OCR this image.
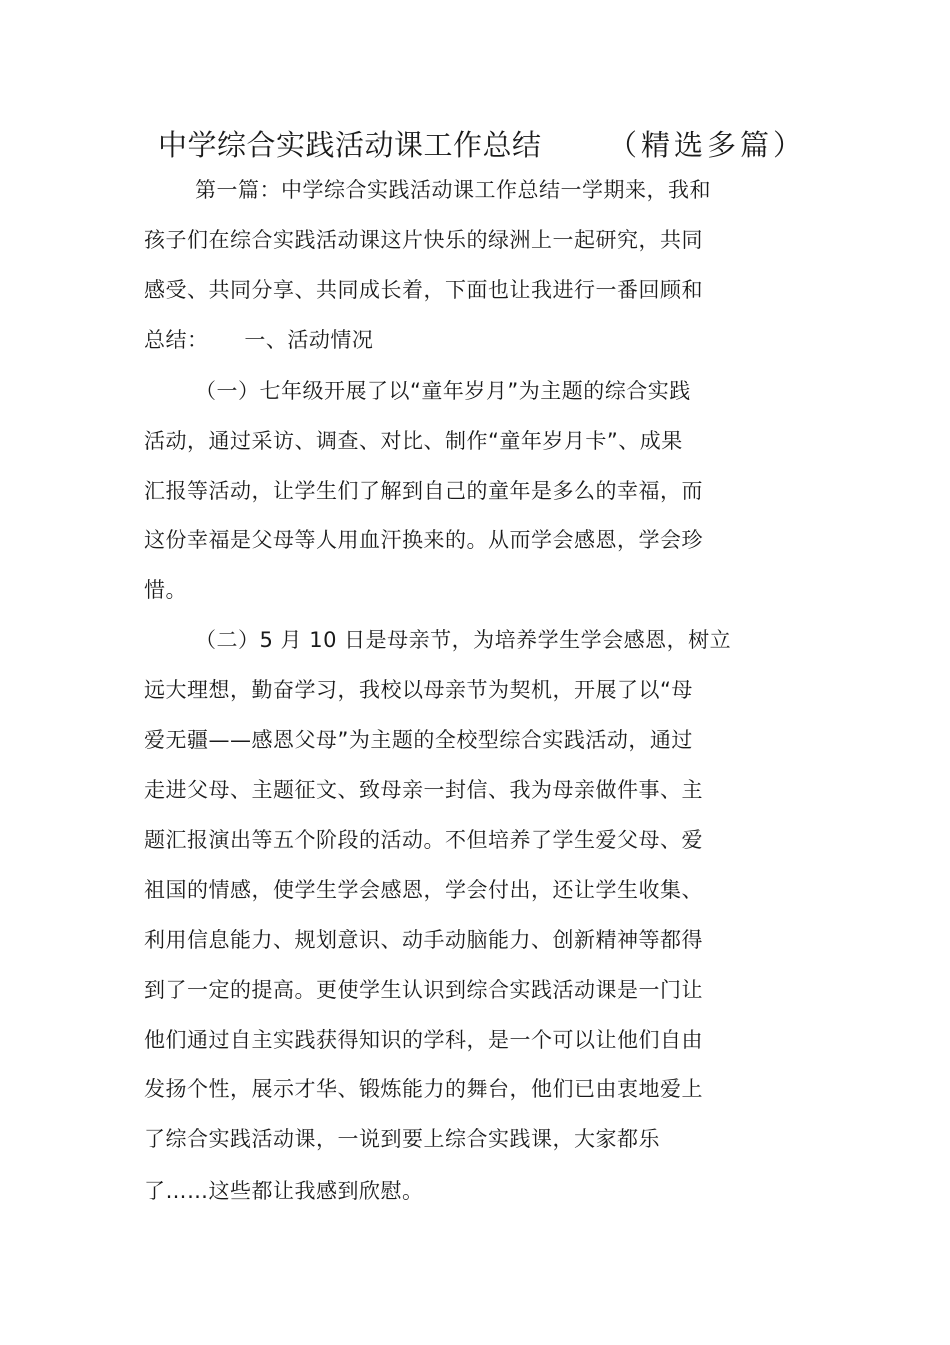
中学综合实践活动课工作总结 （精选多篇）
第一篇：中学综合实践活动课工作总结一学期来，我和
孩子们在综合实践活动课这片快乐的绿洲上一起研究，共同
感受、共同分享、共同成长着，下面也让我进行一番回顾和
总结：     一、活动情况
（一）七年级开展了以“童年岁月”为主题的综合实践
活动，通过采访、调查、对比、制作“童年岁月卡”、成果
汇报等活动，让学生们了解到自己的童年是多么的幸福，而
这份幸福是父母等人用血汗换来的。从而学会感恩，学会珍
惜。
（二）5 月 10 日是母亲节，为培养学生学会感恩，树立
远大理想，勤奋学习，我校以母亲节为契机，开展了以“母
爱无疆——感恩父母”为主题的全校型综合实践活动，通过
走进父母、主题征文、致母亲一封信、我为母亲做件事、主
题汇报演出等五个阶段的活动。不但培养了学生爱父母、爱
祖国的情感，使学生学会感恩，学会付出，还让学生收集、
利用信息能力、规划意识、动手动脑能力、创新精神等都得
到了一定的提高。更使学生认识到综合实践活动课是一门让
他们通过自主实践获得知识的学科，是一个可以让他们自由
发扬个性，展示才华、锻炼能力的舞台，他们已由衷地爱上
了综合实践活动课，一说到要上综合实践课，大家都乐
了……这些都让我感到欣慰。
